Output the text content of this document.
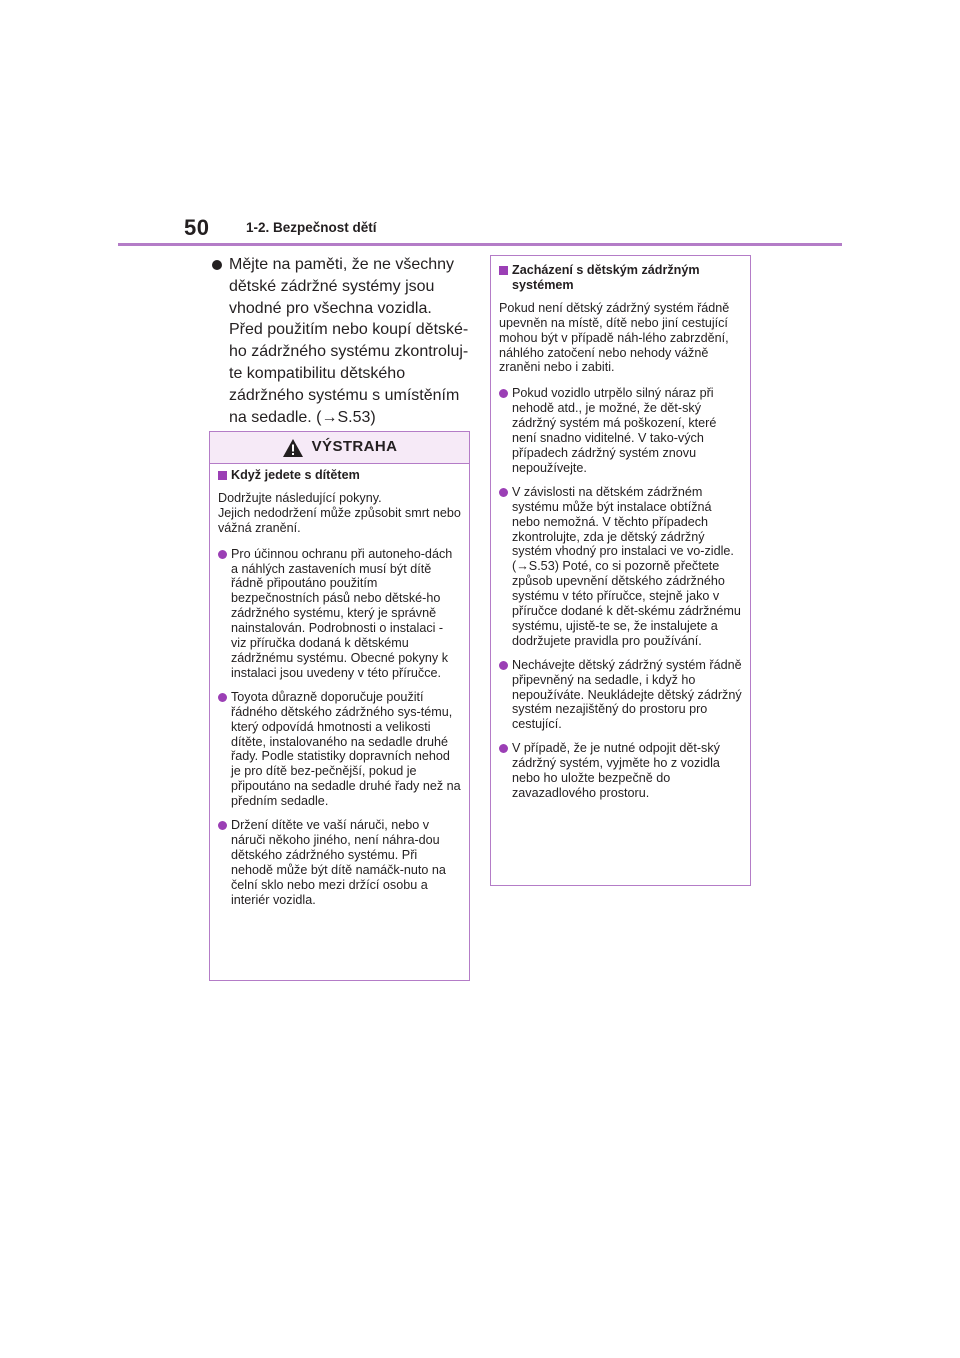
50	1-2. Bezpečnost dětí
Mějte na paměti, že ne všechny dětské zádržné systémy jsou vhodné pro všechna vozidla. Před použitím nebo koupí dětské-ho zádržného systému zkontroluj-te kompatibilitu dětského zádržného systému s umístěním na sedadle. (→S.53)
VÝSTRAHA
Když jedete s dítětem
Dodržujte následující pokyny.
Jejich nedodržení může způsobit smrt nebo vážná zranění.
Pro účinnou ochranu při autoneho-dách a náhlých zastaveních musí být dítě řádně připoutáno použitím bezpečnostních pásů nebo dětské-ho zádržného systému, který je správně nainstalován. Podrobnosti o instalaci - viz příručka dodaná k dětskému zádržnému systému. Obecné pokyny k instalaci jsou uvedeny v této příručce.
Toyota důrazně doporučuje použití řádného dětského zádržného sys-tému, který odpovídá hmotnosti a velikosti dítěte, instalovaného na sedadle druhé řady. Podle statistiky dopravních nehod je pro dítě bez-pečnější, pokud je připoutáno na sedadle druhé řady než na předním sedadle.
Držení dítěte ve vaší náruči, nebo v náruči někoho jiného, není náhra-dou dětského zádržného systému. Při nehodě může být dítě namáčk-nuto na čelní sklo nebo mezi držící osobu a interiér vozidla.
Zacházení s dětským zádržným systémem
Pokud není dětský zádržný systém řádně upevněn na místě, dítě nebo jiní cestující mohou být v případě náh-lého zabrzdění, náhlého zatočení nebo nehody vážně zraněni nebo i zabiti.
Pokud vozidlo utrpělo silný náraz při nehodě atd., je možné, že dět-ský zádržný systém má poškození, které není snadno viditelné. V tako-vých případech zádržný systém znovu nepoužívejte.
V závislosti na dětském zádržném systému může být instalace obtížná nebo nemožná. V těchto případech zkontrolujte, zda je dětský zádržný systém vhodný pro instalaci ve vo-zidle. (→S.53) Poté, co si pozorně přečtete způsob upevnění dětského zádržného systému v této příručce, stejně jako v příručce dodané k dět-skému zádržnému systému, ujistě-te se, že instalujete a dodržujete pravidla pro používání.
Nechávejte dětský zádržný systém řádně připevněný na sedadle, i když ho nepoužíváte. Neukládejte dětský zádržný systém nezajištěný do prostoru pro cestující.
V případě, že je nutné odpojit dět-ský zádržný systém, vyjměte ho z vozidla nebo ho uložte bezpečně do zavazadlového prostoru.
